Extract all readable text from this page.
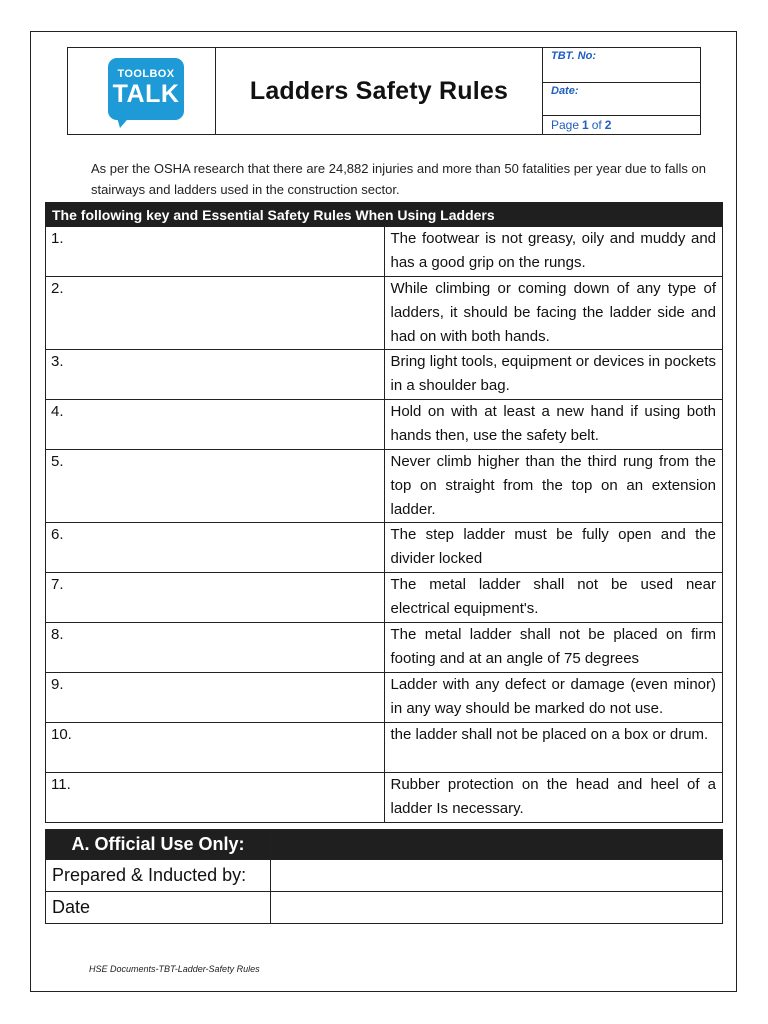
TOOLBOX
TALK	Ladders Safety Rules
TBT. No:
Date:
Page 1 of 2
As per the OSHA research that there are 24,882 injuries and more than 50 fatalities per year due to falls on stairways and ladders used in the construction sector.
The following key and Essential Safety Rules When Using Ladders	
1.	The footwear is not greasy, oily and muddy and has a good grip on the rungs.
2.	While climbing or coming down of any type of ladders, it should be facing the ladder side and had on with both hands.
3.	Bring light tools, equipment or devices in pockets in a shoulder bag.
4.	Hold on with at least a new hand if using both hands then, use the safety belt.
5.	Never climb higher than the third rung from the top on straight from the top on an extension ladder.
6.	The step ladder must be fully open and the divider locked
7.	The metal ladder shall not be used near electrical equipment's.
8.	The metal ladder shall not be placed on firm footing and at an angle of 75 degrees
9.	Ladder with any defect or damage (even minor) in any way should be marked do not use.
10.	the ladder shall not be placed on a box or drum.
11.	Rubber protection on the head and heel of a ladder Is necessary.
A. Official Use Only:	
Prepared & Inducted by:	
Date	
HSE Documents-TBT-Ladder-Safety Rules
